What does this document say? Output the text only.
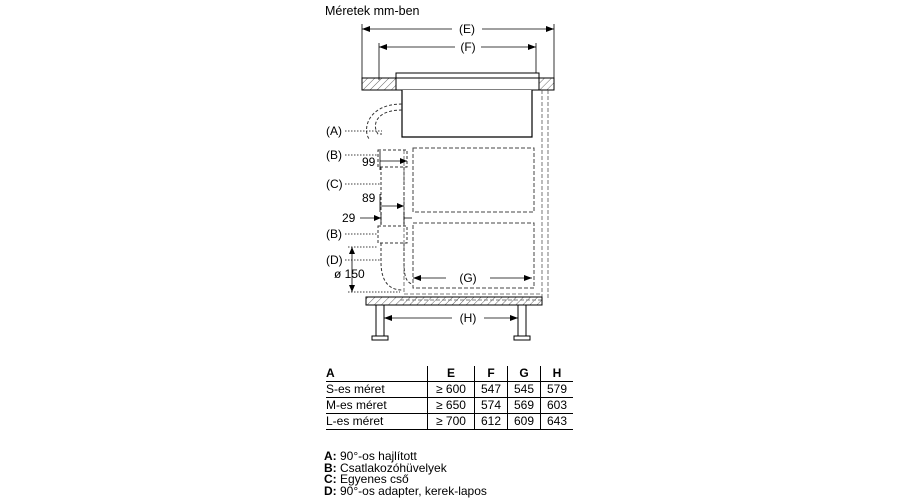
Méretek mm-ben
(E)
(F)
(G)
(H)
(A)
(B)
(C)
(B)
(D)
99
89
29
ø 150
A	E	F	G	H
S-es méret	≥ 600	547	545	579
M-es méret	≥ 650	574	569	603
L-es méret	≥ 700	612	609	643
A: 90°-os hajlított
B: Csatlakozóhüvelyek
C: Egyenes cső
D: 90°-os adapter, kerek-lapos
